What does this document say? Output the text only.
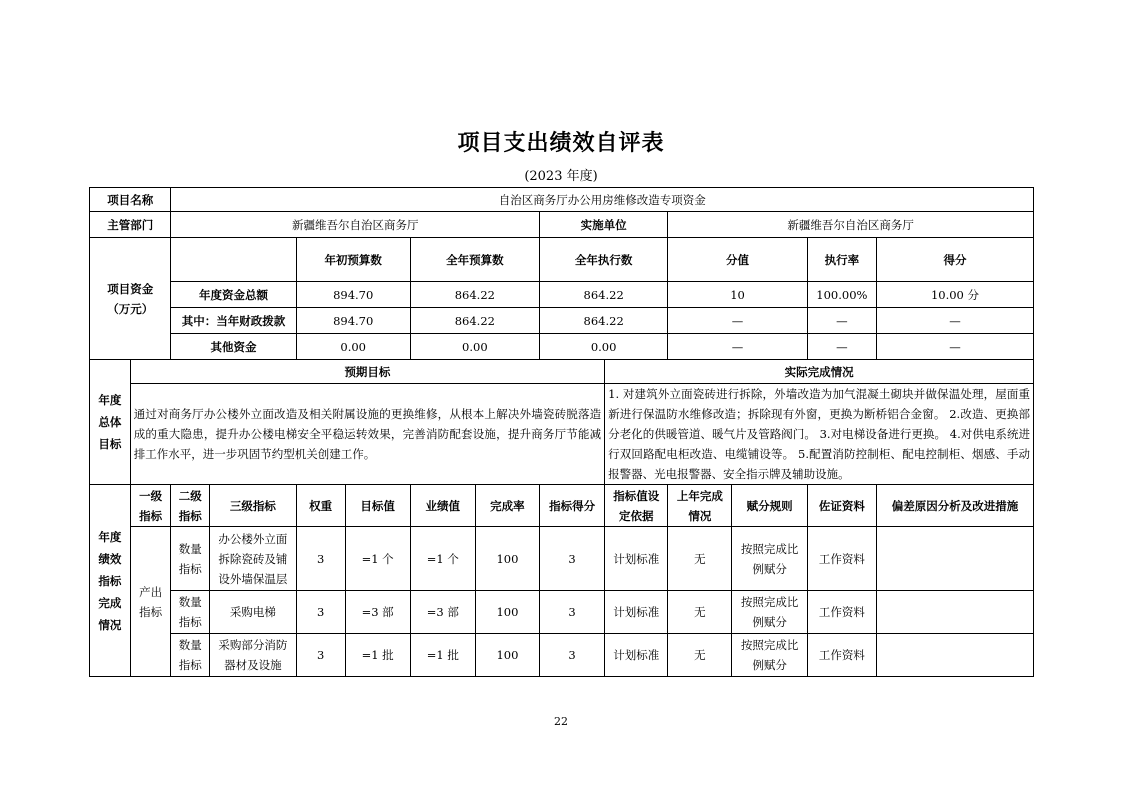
项目支出绩效自评表
(2023 年度)
项目名称		自治区商务厅办公用房维修改造专项资金											
主管部门		新疆维吾尔自治区商务厅						实施单位		新疆维吾尔自治区商务厅			

项目资金
（万元）				年初预算数		全年预算数		全年执行数		分值		执行率	得分
		年度资金总额		894.70		864.22		864.22		10		100.00%	10.00 分
		其中：当年财政拨款		894.70		864.22		864.22		—		—	—
		其他资金		0.00		0.00		0.00		—		—	—
年度总体目标	预期目标								实际完成情况				
	通过对商务厅办公楼外立面改造及相关附属设施的更换维修，从根本上解决外墙瓷砖脱落造成的重大隐患，提升办公楼电梯安全平稳运转效果，完善消防配套设施，提升商务厅节能减排工作水平，进一步巩固节约型机关创建工作。								1. 对建筑外立面瓷砖进行拆除，外墙改造为加气混凝土砌块并做保温处理，屋面重新进行保温防水维修改造；拆除现有外窗，更换为断桥铝合金窗。 2.改造、更换部分老化的供暖管道、暖气片及管路阀门。 3.对电梯设备进行更换。 4.对供电系统进行双回路配电柜改造、电缆铺设等。 5.配置消防控制柜、配电控制柜、烟感、手动报警器、光电报警器、安全指示牌及辅助设施。				
年度绩效指标完成情况	一级指标	二级指标	三级指标	权重	目标值	业绩值	完成率	指标得分	指标值设定依据	上年完成情况	赋分规则	佐证资料	偏差原因分析及改进措施
	产出指标	数量指标	办公楼外立面拆除瓷砖及铺设外墙保温层	3	=1 个	=1 个	100	3	计划标准	无	按照完成比例赋分	工作资料	
		数量指标	采购电梯	3	=3 部	=3 部	100	3	计划标准	无	按照完成比例赋分	工作资料	
		数量指标	采购部分消防器材及设施	3	=1 批	=1 批	100	3	计划标准	无	按照完成比例赋分	工作资料	
22
